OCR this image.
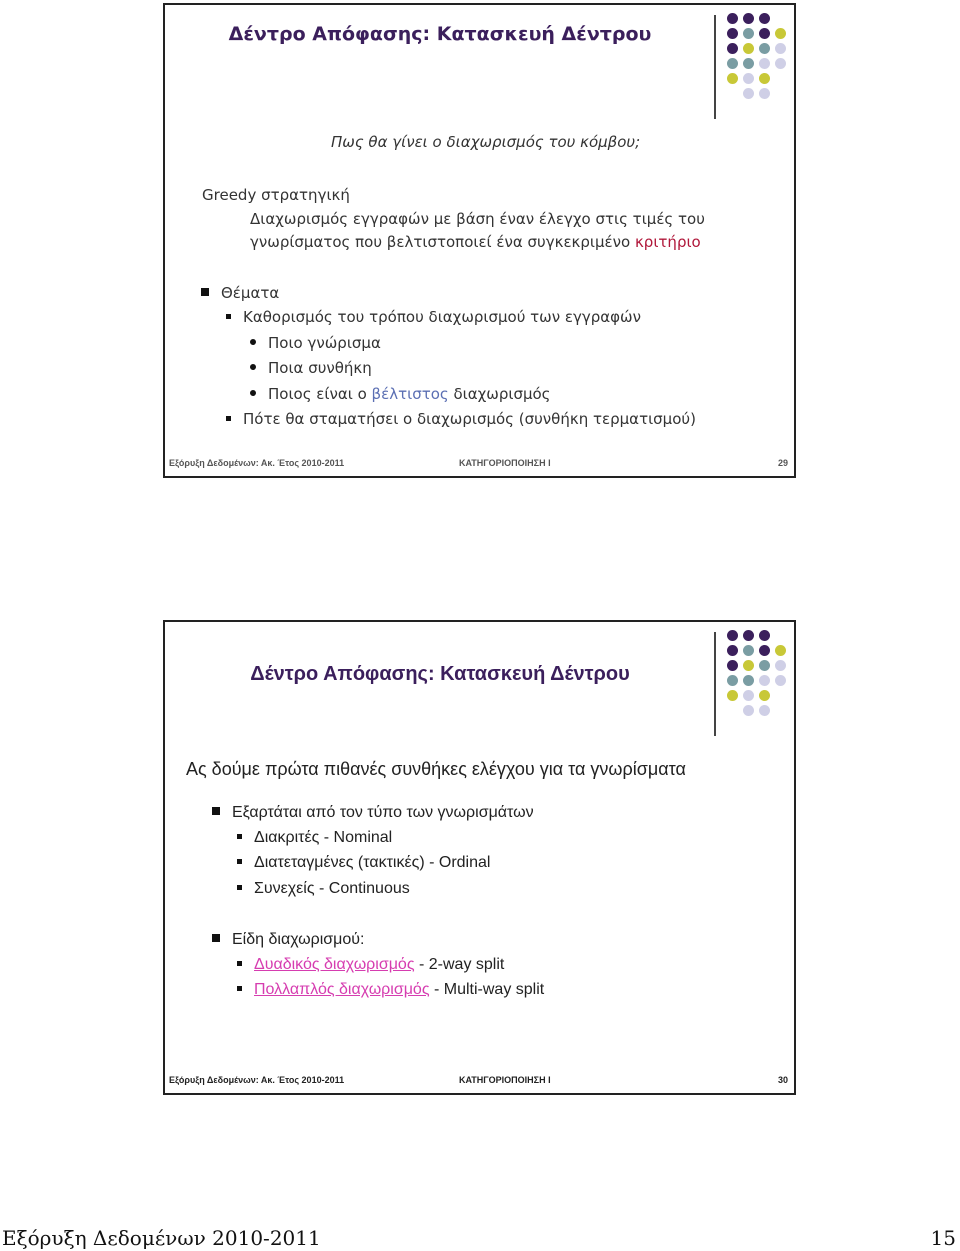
Δέντρο Απόφασης: Κατασκευή Δέντρου
Πως θα γίνει ο διαχωρισμός του κόμβου;
Greedy στρατηγική
Διαχωρισμός εγγραφών με βάση έναν έλεγχο στις τιμές του
γνωρίσματος που βελτιστοποιεί ένα συγκεκριμένο κριτήριο
Θέματα
Καθορισμός του τρόπου διαχωρισμού των εγγραφών
Ποιο γνώρισμα
Ποια συνθήκη
Ποιος είναι ο βέλτιστος διαχωρισμός
Πότε θα σταματήσει ο διαχωρισμός (συνθήκη τερματισμού)
Εξόρυξη Δεδομένων: Ακ. Έτος 2010-2011	ΚΑΤΗΓΟΡΙΟΠΟΙΗΣΗ Ι	29
Δέντρο Απόφασης: Κατασκευή Δέντρου
Ας δούμε πρώτα πιθανές συνθήκες ελέγχου για τα γνωρίσματα
Εξαρτάται από τον τύπο των γνωρισμάτων
Διακριτές - Nominal
Διατεταγμένες (τακτικές) - Ordinal
Συνεχείς - Continuous
Είδη διαχωρισμού:
Δυαδικός διαχωρισμός - 2-way split
Πολλαπλός διαχωρισμός - Multi-way split
Εξόρυξη Δεδομένων: Ακ. Έτος 2010-2011	ΚΑΤΗΓΟΡΙΟΠΟΙΗΣΗ Ι	30
Εξόρυξη Δεδομένων 2010-2011	15
